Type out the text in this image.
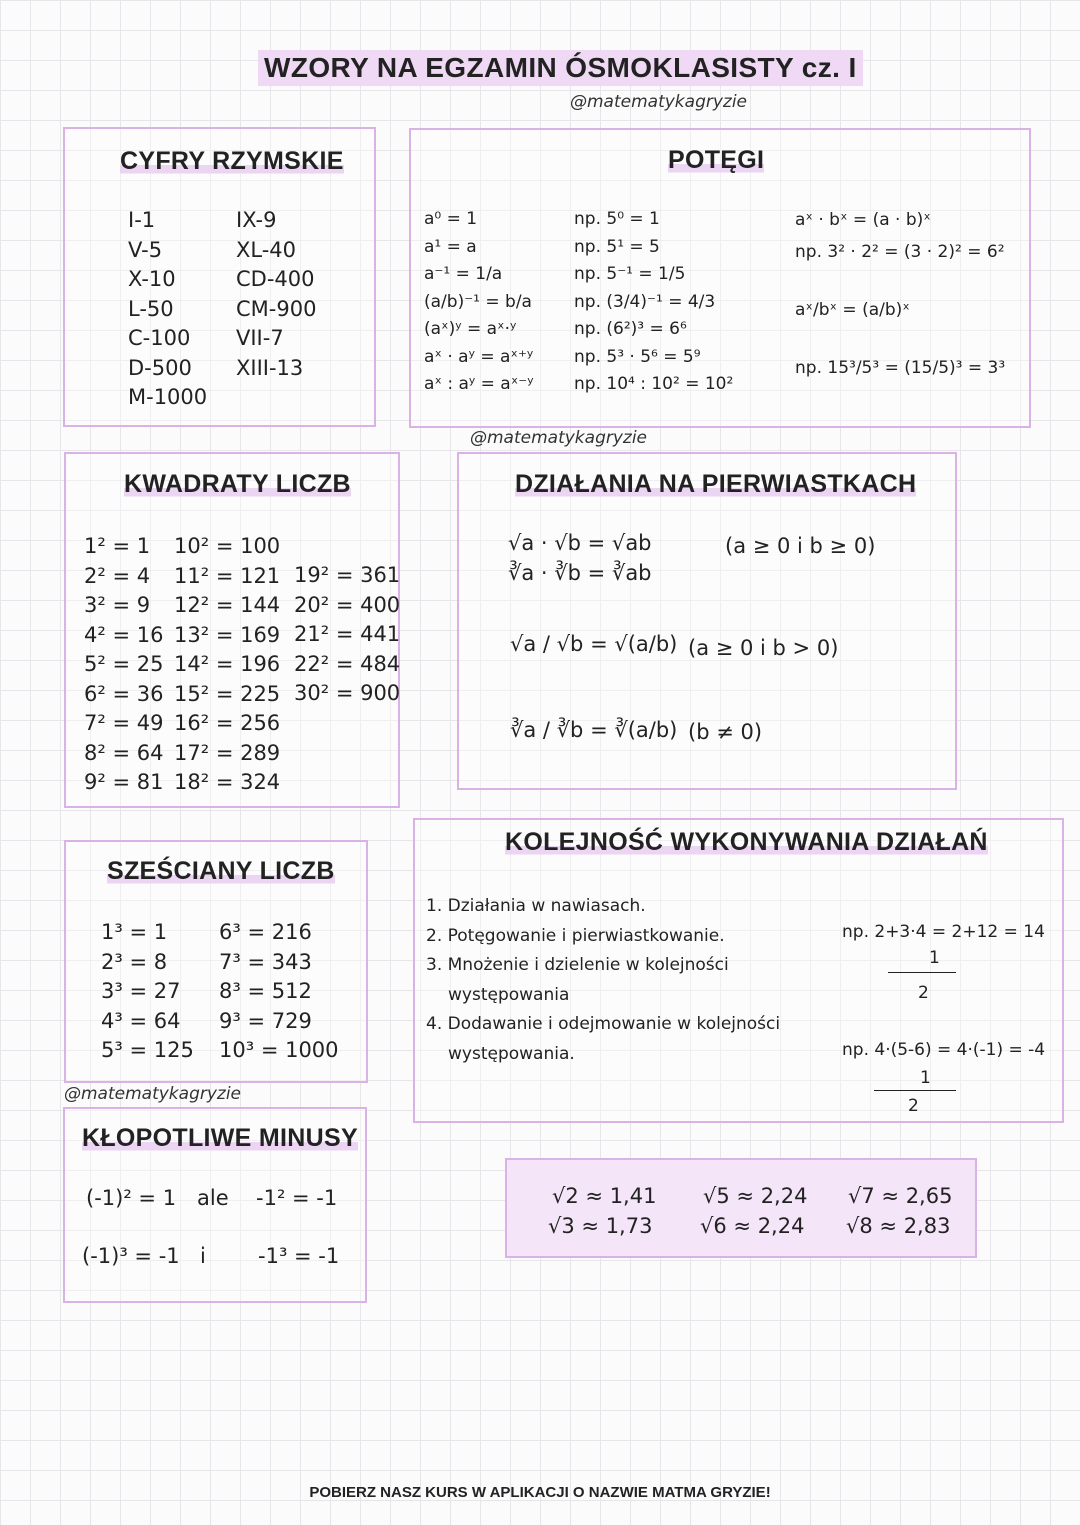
WZORY NA EGZAMIN ÓSMOKLASISTY cz. I
@matematykagryzie
CYFRY RZYMSKIE
I-1
V-5
X-10
L-50
C-100
D-500
M-1000
IX-9
XL-40
CD-400
CM-900
VII-7
XIII-13
POTĘGI
a⁰ = 1
a¹ = a
a⁻¹ = 1/a
(a/b)⁻¹ = b/a
(aˣ)ʸ = aˣ·ʸ
aˣ · aʸ = aˣ⁺ʸ
aˣ : aʸ = aˣ⁻ʸ
np. 5⁰ = 1
np. 5¹ = 5
np. 5⁻¹ = 1/5
np. (3/4)⁻¹ = 4/3
np. (6²)³ = 6⁶
np. 5³ · 5⁶ = 5⁹
np. 10⁴ : 10² = 10²
aˣ · bˣ = (a · b)ˣ
np. 3² · 2² = (3 · 2)² = 6²
aˣ/bˣ = (a/b)ˣ
np. 15³/5³ = (15/5)³ = 3³
@matematykagryzie
KWADRATY LICZB
1² = 1
2² = 4
3² = 9
4² = 16
5² = 25
6² = 36
7² = 49
8² = 64
9² = 81
10² = 100
11² = 121
12² = 144
13² = 169
14² = 196
15² = 225
16² = 256
17² = 289
18² = 324
19² = 361
20² = 400
21² = 441
22² = 484
30² = 900
DZIAŁANIA NA PIERWIASTKACH
√a · √b = √ab
∛a · ∛b = ∛ab
(a ≥ 0 i b ≥ 0)
√a / √b = √(a/b) (a ≥ 0 i b > 0)
∛a / ∛b = ∛(a/b) (b ≠ 0)
KOLEJNOŚĆ WYKONYWANIA DZIAŁAŃ
1. Działania w nawiasach.
2. Potęgowanie i pierwiastkowanie.
3. Mnożenie i dzielenie w kolejności
występowania
4. Dodawanie i odejmowanie w kolejności
występowania.
np. 2+3·4 = 2+12 = 14
1
2
np. 4·(5-6) = 4·(-1) = -4
1
2
SZEŚCIANY LICZB
1³ = 1
2³ = 8
3³ = 27
4³ = 64
5³ = 125
6³ = 216
7³ = 343
8³ = 512
9³ = 729
10³ = 1000
@matematykagryzie
KŁOPOTLIWE MINUSY
(-1)² = 1 ale -1² = -1
(-1)³ = -1 i -1³ = -1
√2 ≈ 1,41
√3 ≈ 1,73
√5 ≈ 2,24
√6 ≈ 2,24
√7 ≈ 2,65
√8 ≈ 2,83
POBIERZ NASZ KURS W APLIKACJI O NAZWIE MATMA GRYZIE!
